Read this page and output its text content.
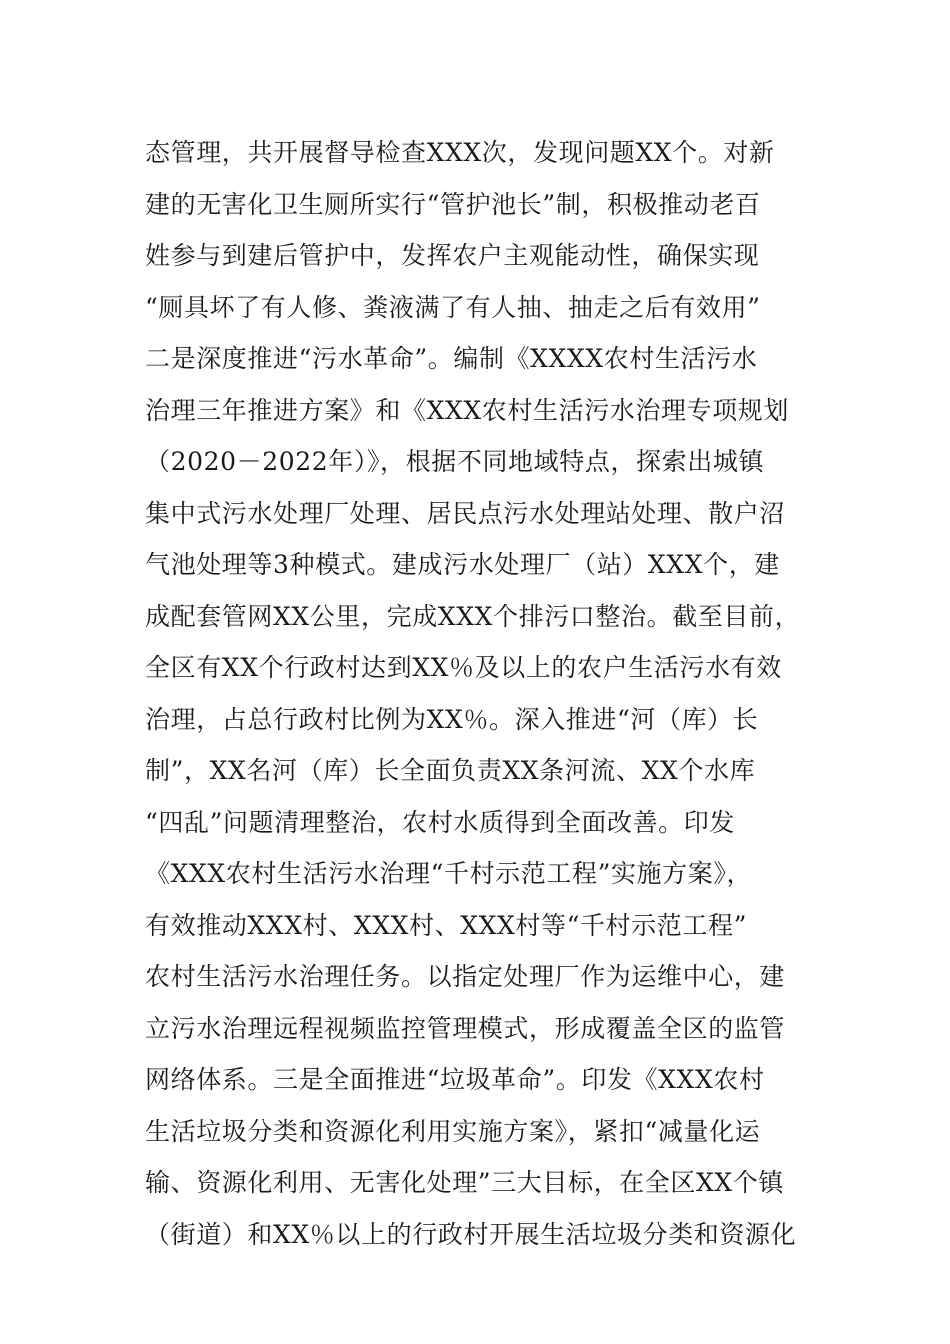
态管理，共开展督导检查XXX次，发现问题XX个。对新
建的无害化卫生厕所实行“管护池长”制，积极推动老百
姓参与到建后管护中，发挥农户主观能动性，确保实现
“厕具坏了有人修、粪液满了有人抽、抽走之后有效用”
二是深度推进“污水革命”。编制《XXXX农村生活污水
治理三年推进方案》和《XXX农村生活污水治理专项规划
（2020－2022年）》，根据不同地域特点，探索出城镇
集中式污水处理厂处理、居民点污水处理站处理、散户沼
气池处理等3种模式。建成污水处理厂（站）XXX个，建
成配套管网XX公里，完成XXX个排污口整治。截至目前，
全区有XX个行政村达到XX％及以上的农户生活污水有效
治理，占总行政村比例为XX％。深入推进“河（库）长
制”，XX名河（库）长全面负责XX条河流、XX个水库
“四乱”问题清理整治，农村水质得到全面改善。印发
《XXX农村生活污水治理“千村示范工程”实施方案》，
有效推动XXX村、XXX村、XXX村等“千村示范工程”
农村生活污水治理任务。以指定处理厂作为运维中心，建
立污水治理远程视频监控管理模式，形成覆盖全区的监管
网络体系。三是全面推进“垃圾革命”。印发《XXX农村
生活垃圾分类和资源化利用实施方案》，紧扣“减量化运
输、资源化利用、无害化处理”三大目标，在全区XX个镇
（街道）和XX％以上的行政村开展生活垃圾分类和资源化
